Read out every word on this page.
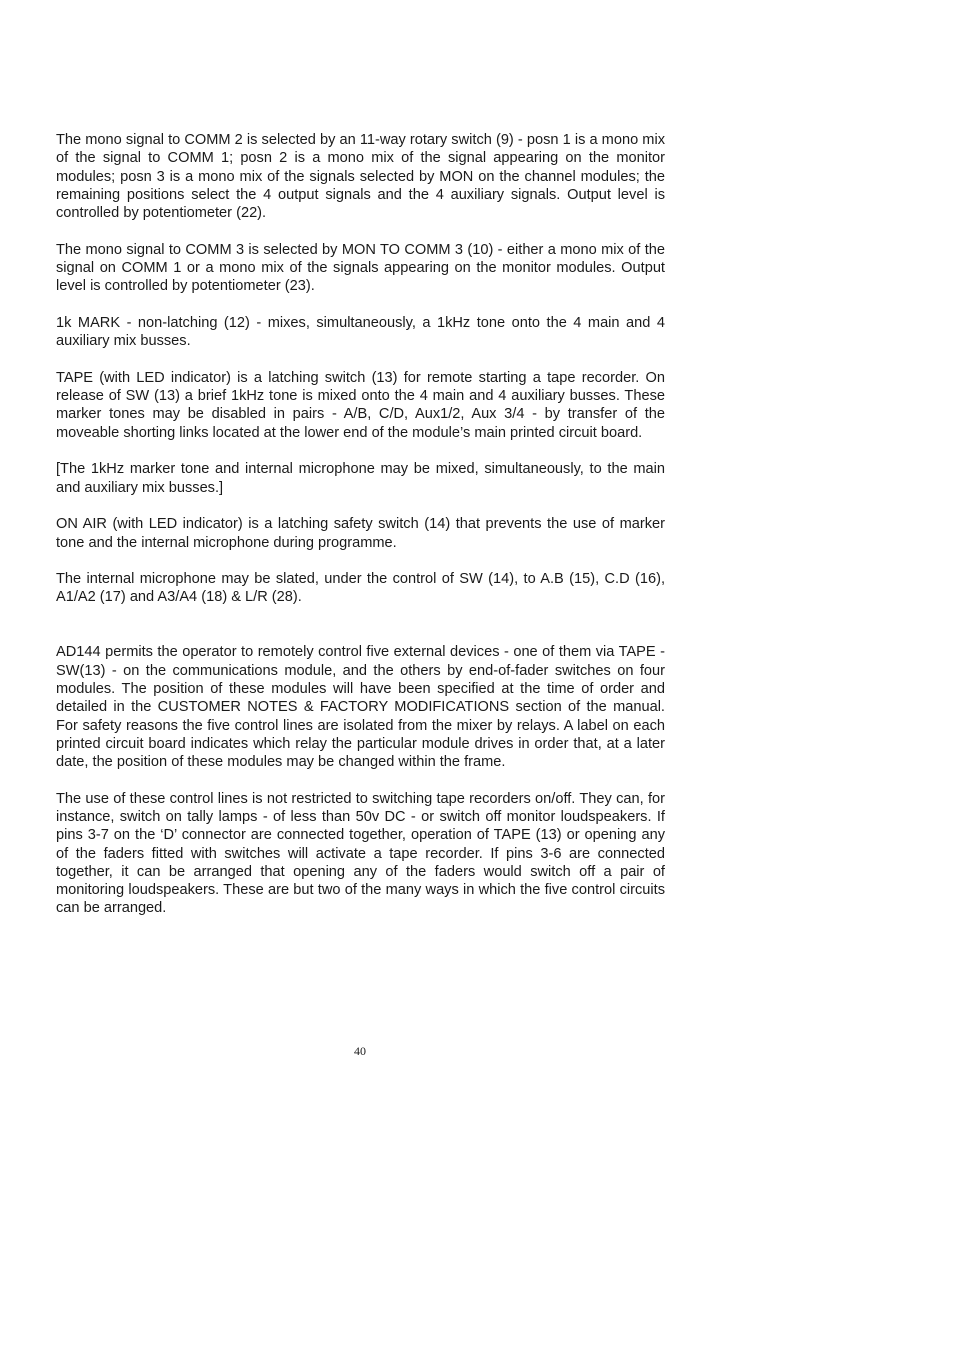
The mono signal to COMM 2 is selected by an 11-way rotary switch (9) - posn 1 is a mono mix of the signal to COMM 1; posn 2 is a mono mix of the signal appearing on the monitor modules; posn 3 is a mono mix of the signals selected by MON on the channel modules; the remaining positions select the 4 output signals and the 4 auxiliary signals. Output level is controlled by potentiometer (22).

The mono signal to COMM 3 is selected by MON TO COMM 3 (10) - either a mono mix of the signal on COMM 1 or a mono mix of the signals appearing on the monitor modules. Output level is controlled by potentiometer (23).

1k MARK - non-latching (12) - mixes, simultaneously, a 1kHz tone onto the 4 main and 4 auxiliary mix busses.

TAPE (with LED indicator) is a latching switch (13) for remote starting a tape recorder. On release of SW (13) a brief 1kHz tone is mixed onto the 4 main and 4 auxiliary busses. These marker tones may be disabled in pairs - A/B, C/D, Aux1/2, Aux 3/4 - by transfer of the moveable shorting links located at the lower end of the module’s main printed circuit board.

[The 1kHz marker tone and internal microphone may be mixed, simultaneously, to the main and auxiliary mix busses.]

ON AIR (with LED indicator) is a latching safety switch (14) that prevents the use of marker tone and the internal microphone during programme.

The internal microphone may be slated, under the control of SW (14), to A.B (15), C.D (16), A1/A2 (17) and A3/A4 (18) & L/R (28).

AD144 permits the operator to remotely control five external devices - one of them via TAPE - SW(13) - on the communications module, and the others by end-of-fader switches on four modules. The position of these modules will have been specified at the time of order and detailed in the CUSTOMER NOTES & FACTORY MODIFICATIONS section of the manual. For safety reasons the five control lines are isolated from the mixer by relays. A label on each printed circuit board indicates which relay the particular module drives in order that, at a later date, the position of these modules may be changed within the frame.

The use of these control lines is not restricted to switching tape recorders on/off. They can, for instance, switch on tally lamps - of less than 50v DC - or switch off monitor loudspeakers. If pins 3-7 on the ‘D’ connector are connected together, operation of TAPE (13) or opening any of the faders fitted with switches will activate a tape recorder. If pins 3-6 are connected together, it can be arranged that opening any of the faders would switch off a pair of monitoring loudspeakers. These are but two of the many ways in which the five control circuits can be arranged.

40
